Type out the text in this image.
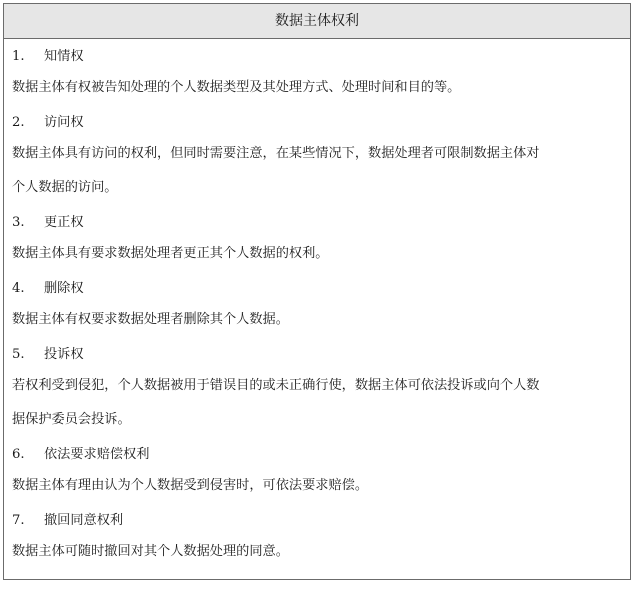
数据主体权利
1.	知情权
数据主体有权被告知处理的个人数据类型及其处理方式、处理时间和目的等。
2.	访问权
数据主体具有访问的权利，但同时需要注意，在某些情况下，数据处理者可限制数据主体对
个人数据的访问。
3.	更正权
数据主体具有要求数据处理者更正其个人数据的权利。
4.	删除权
数据主体有权要求数据处理者删除其个人数据。
5.	投诉权
若权利受到侵犯，个人数据被用于错误目的或未正确行使，数据主体可依法投诉或向个人数
据保护委员会投诉。
6.	依法要求赔偿权利
数据主体有理由认为个人数据受到侵害时，可依法要求赔偿。
7.	撤回同意权利
数据主体可随时撤回对其个人数据处理的同意。
